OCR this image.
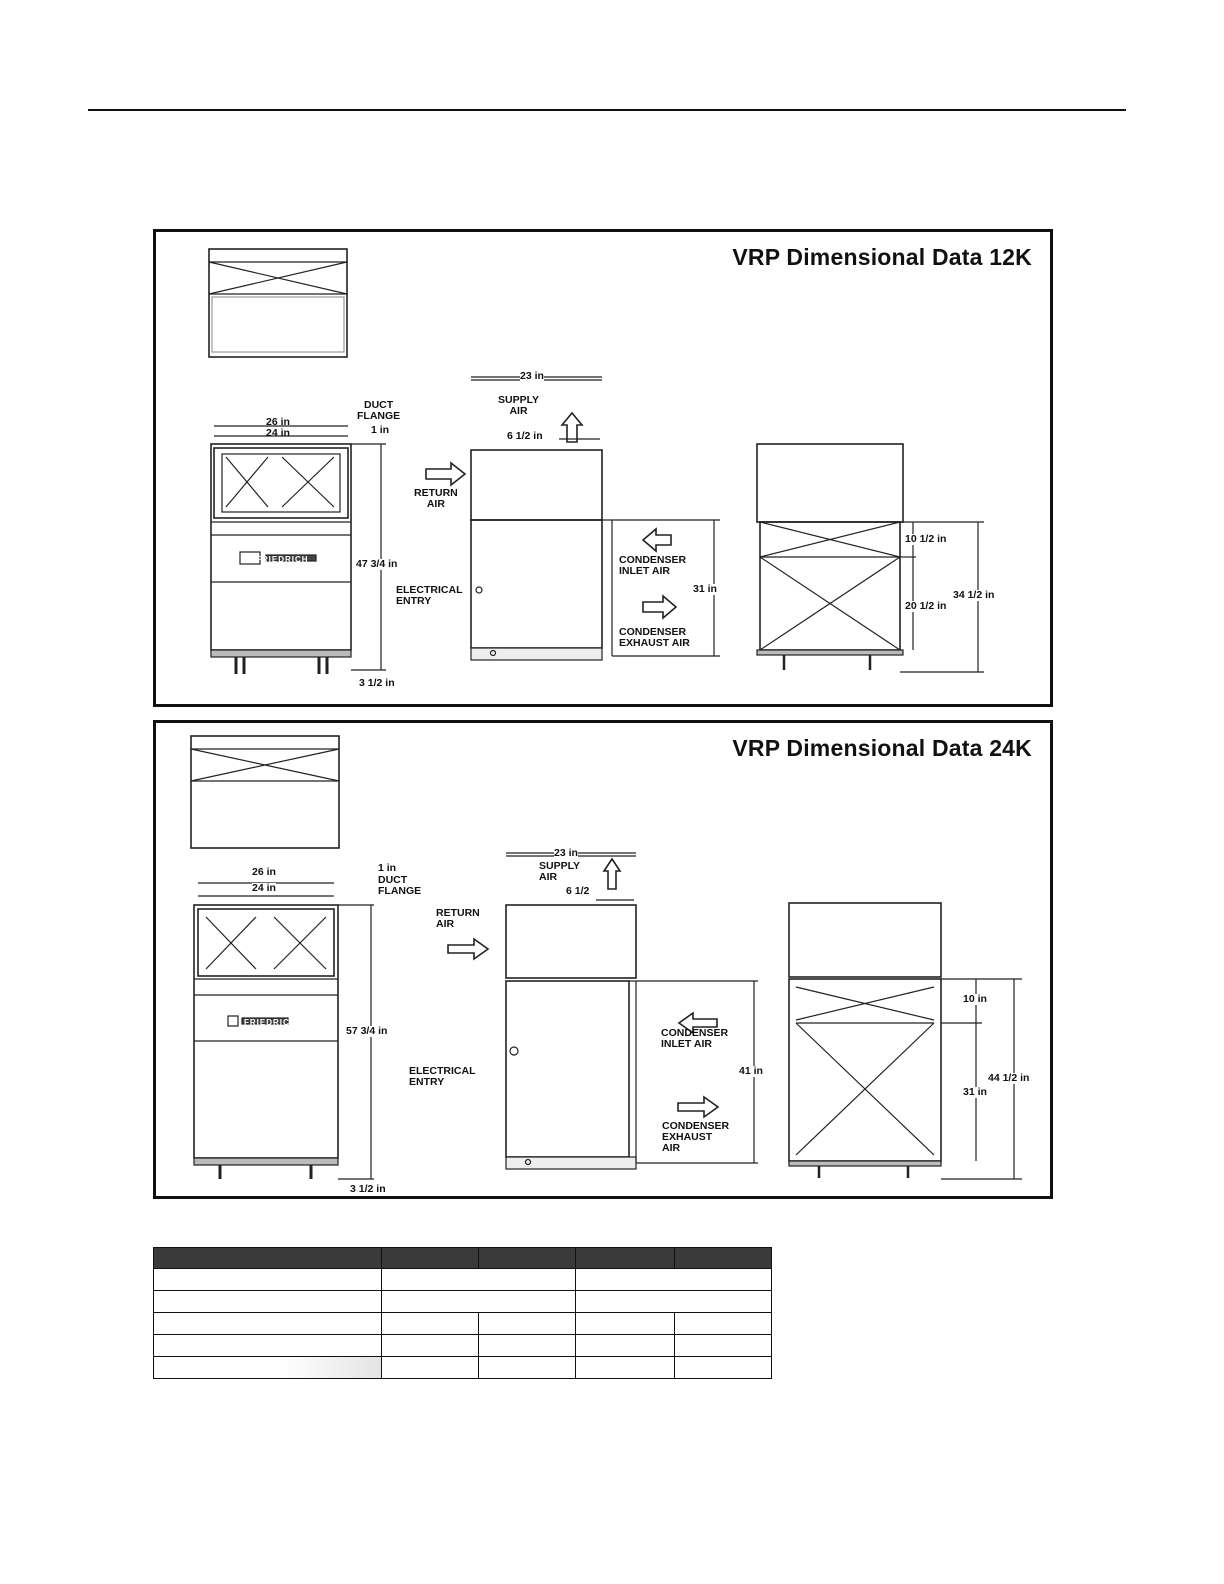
VRP Dimensional Data 12K
26 in
24 in
DUCT
FLANGE
1 in
47 3/4 in
3 1/2 in
23 in
SUPPLY
AIR
6 1/2 in
RETURN
AIR
ELECTRICAL
ENTRY
CONDENSER
INLET AIR
CONDENSER
EXHAUST AIR
31 in
10 1/2 in
20 1/2 in
34 1/2 in
FRIEDRICH
VRP Dimensional Data 24K
26 in
24 in
1 in
DUCT
FLANGE
57 3/4 in
3 1/2 in
23 in
SUPPLY
AIR
6 1/2
RETURN
AIR
ELECTRICAL
ENTRY
CONDENSER
INLET AIR
CONDENSER
EXHAUST
AIR
41 in
10 in
31 in
44 1/2 in
FRIEDRICH
